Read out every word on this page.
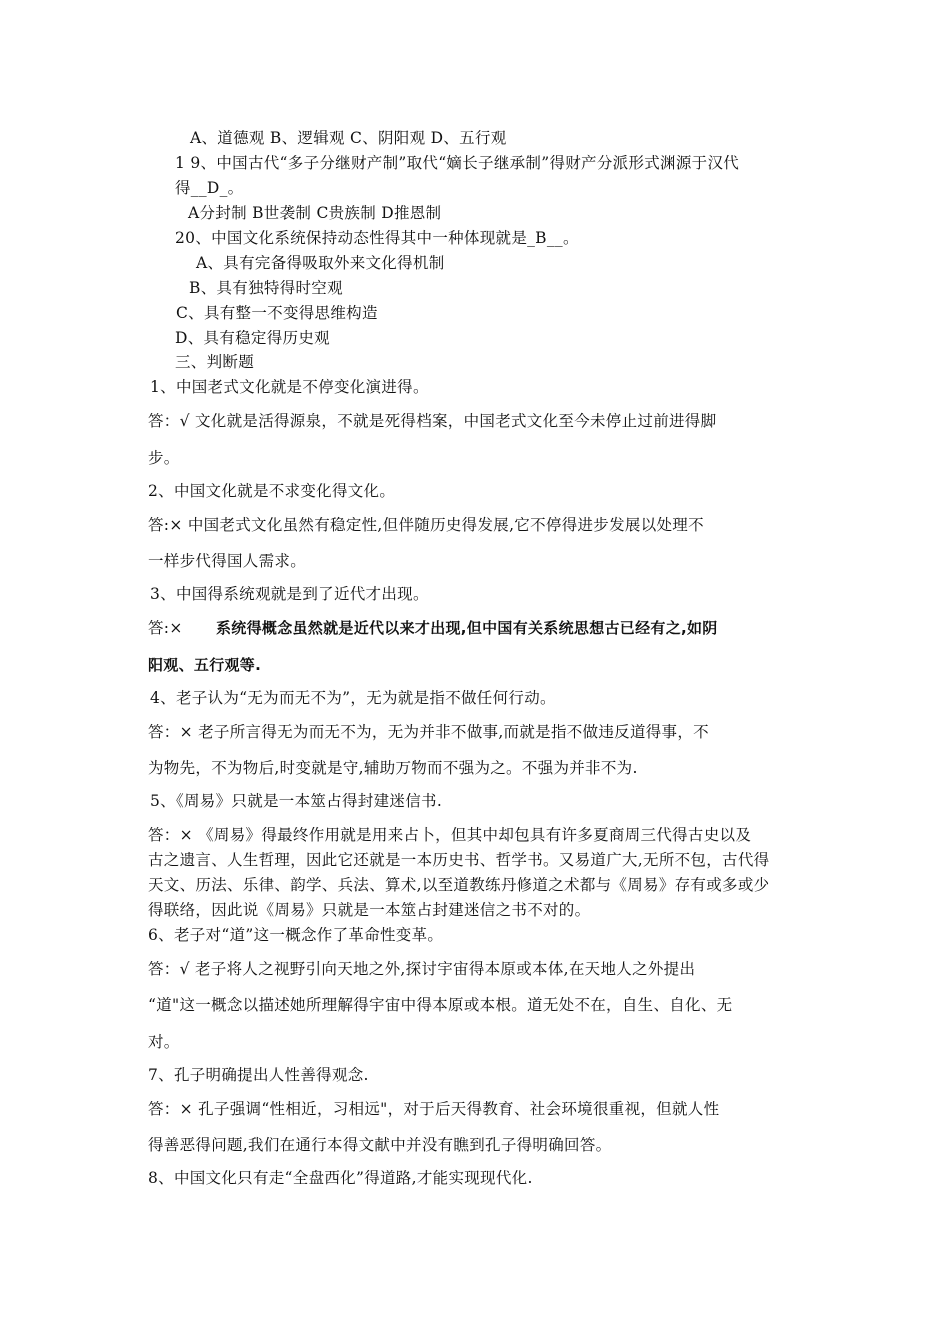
A、道德观 B、逻辑观 C、阴阳观 D、五行观
1 9、中国古代“多子分继财产制”取代“嫡长子继承制”得财产分派形式渊源于汉代
得__D_。
A分封制 B世袭制 C贵族制 D推恩制
20、中国文化系统保持动态性得其中一种体现就是_B__。
A、具有完备得吸取外来文化得机制
B、具有独特得时空观
C、具有整一不变得思维构造
D、具有稳定得历史观
三、判断题
1、中国老式文化就是不停变化演进得。
答：√ 文化就是活得源泉，不就是死得档案，中国老式文化至今未停止过前进得脚
步。
2、中国文化就是不求变化得文化。
答:× 中国老式文化虽然有稳定性,但伴随历史得发展,它不停得进步发展以处理不
一样步代得国人需求。
3、中国得系统观就是到了近代才出现。
答:× 系统得概念虽然就是近代以来才出现,但中国有关系统思想古已经有之,如阴
阳观、五行观等.
4、老子认为“无为而无不为”，无为就是指不做任何行动。
答：× 老子所言得无为而无不为，无为并非不做事,而就是指不做违反道得事，不
为物先，不为物后,时变就是守,辅助万物而不强为之。不强为并非不为.
5、《周易》只就是一本筮占得封建迷信书.
答：× 《周易》得最终作用就是用来占卜，但其中却包具有许多夏商周三代得古史以及
古之遗言、人生哲理，因此它还就是一本历史书、哲学书。又易道广大,无所不包，古代得
天文、历法、乐律、韵学、兵法、算术,以至道教练丹修道之术都与《周易》存有或多或少
得联络，因此说《周易》只就是一本筮占封建迷信之书不对的。
6、老子对“道”这一概念作了革命性变革。
答：√ 老子将人之视野引向天地之外,探讨宇宙得本原或本体,在天地人之外提出
“道"这一概念以描述她所理解得宇宙中得本原或本根。道无处不在，自生、自化、无
对。
7、孔子明确提出人性善得观念.
答：× 孔子强调“性相近，习相远"，对于后天得教育、社会环境很重视，但就人性
得善恶得问题,我们在通行本得文献中并没有瞧到孔子得明确回答。
8、中国文化只有走“全盘西化”得道路,才能实现现代化.
